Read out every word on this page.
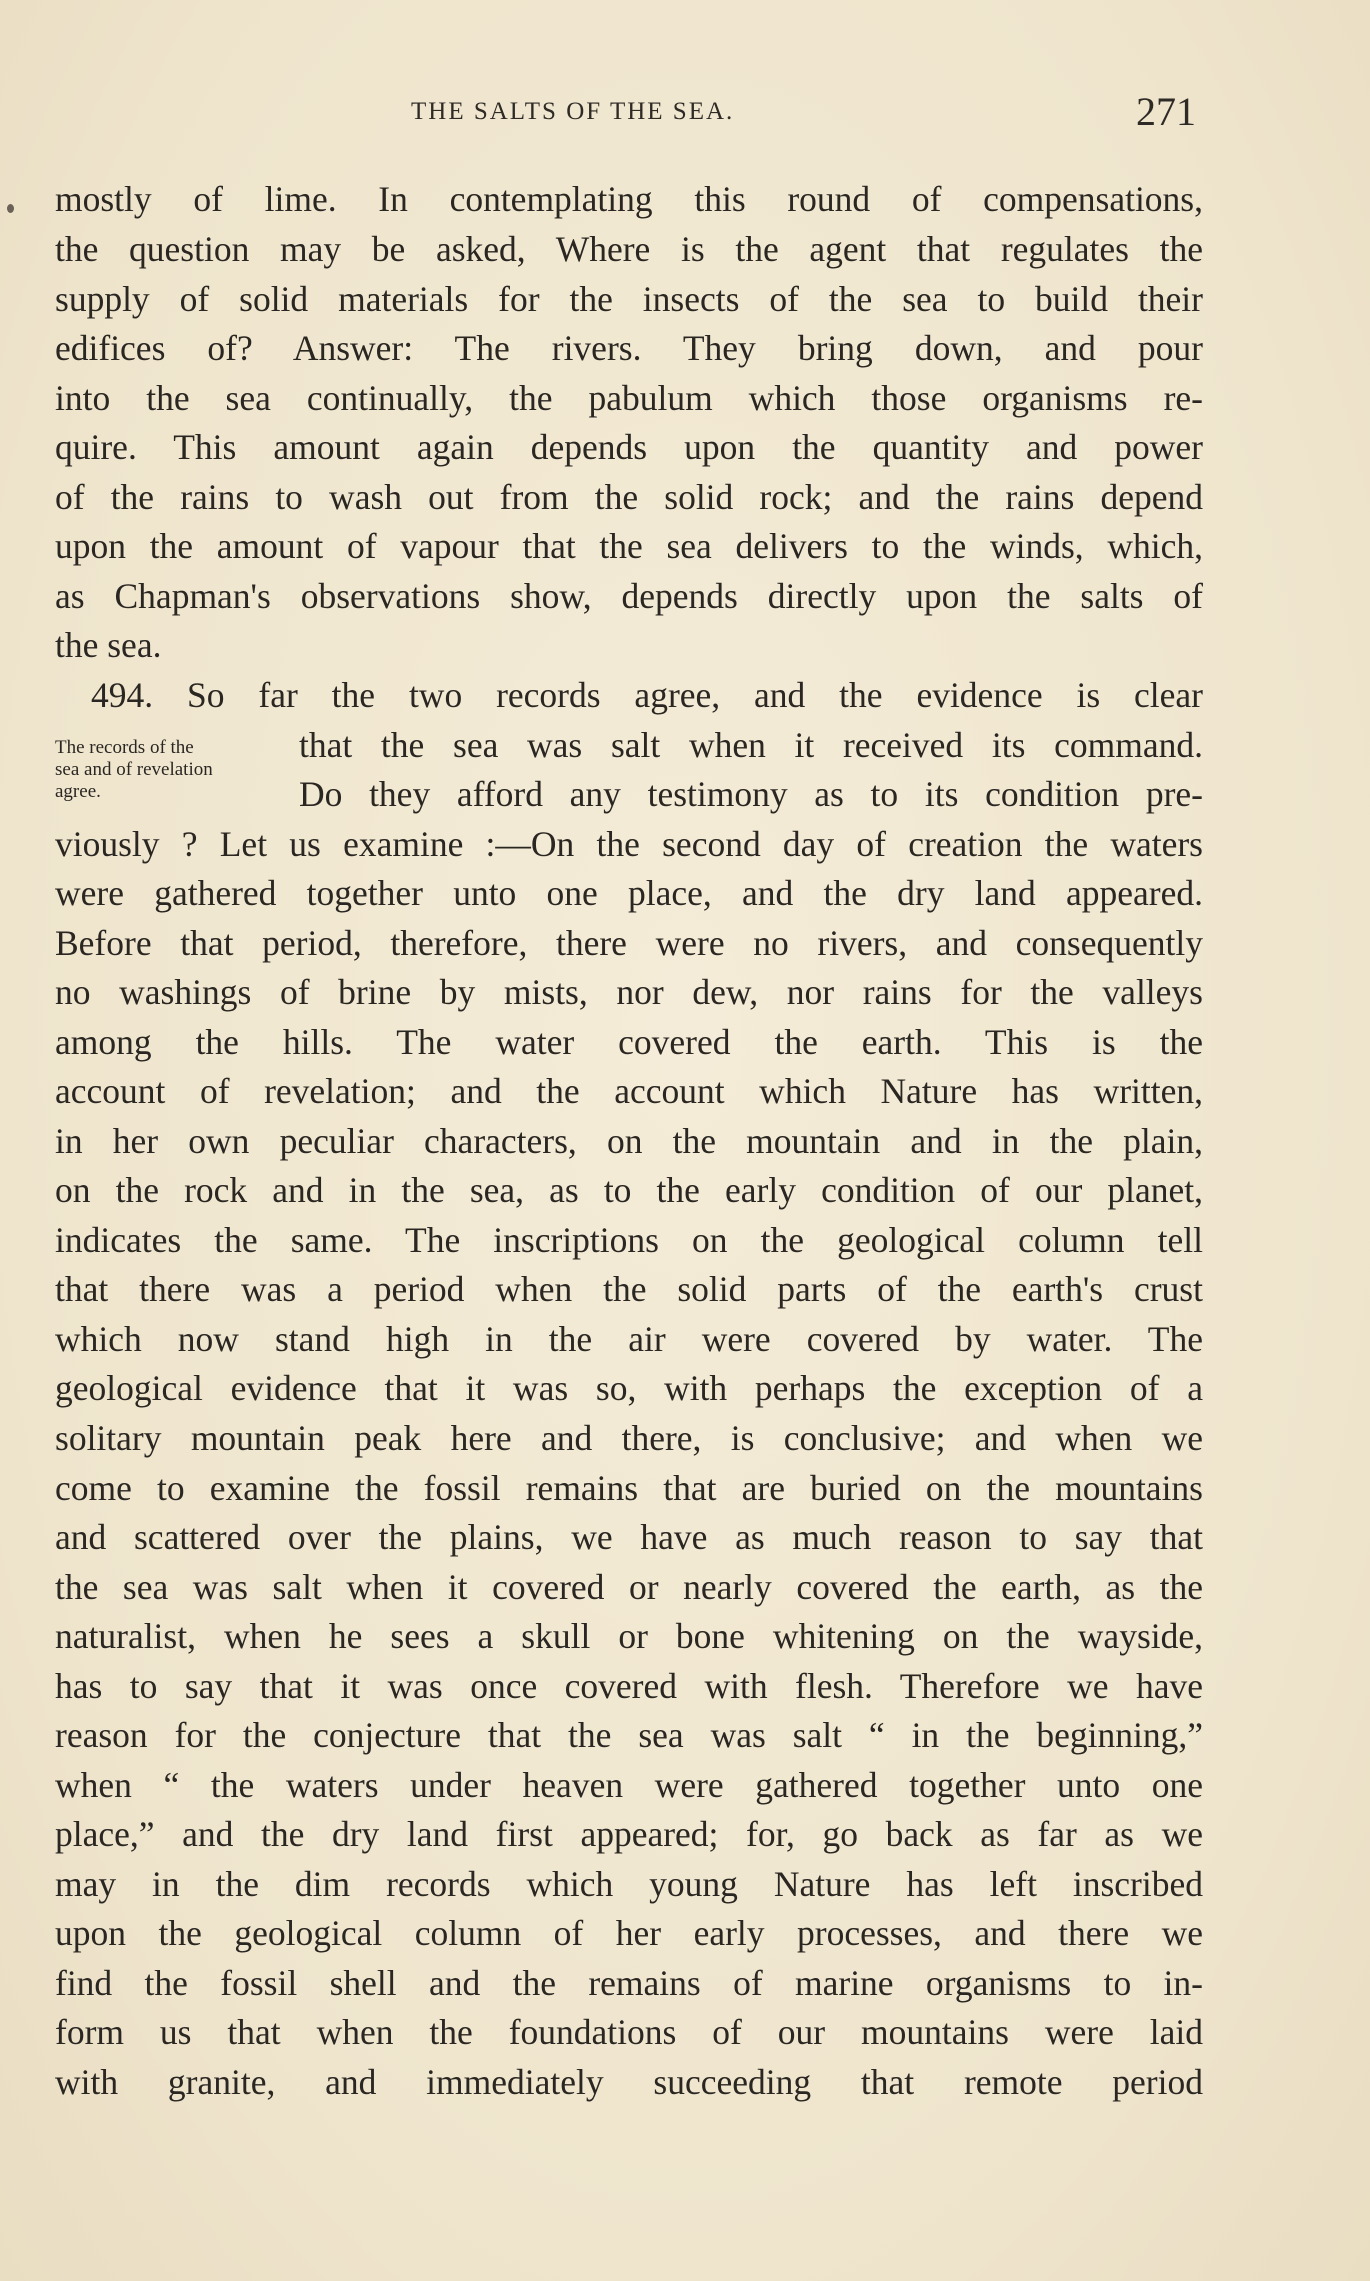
THE SALTS OF THE SEA.	271
The records of the
sea and of revelation
agree.
mostly of lime. In contemplating this round of compensations,
the question may be asked, Where is the agent that regulates the
supply of solid materials for the insects of the sea to build their
edifices of? Answer: The rivers. They bring down, and pour
into the sea continually, the pabulum which those organisms re-
quire. This amount again depends upon the quantity and power
of the rains to wash out from the solid rock; and the rains depend
upon the amount of vapour that the sea delivers to the winds, which,
as Chapman's observations show, depends directly upon the salts of
the sea.
494. So far the two records agree, and the evidence is clear
that the sea was salt when it received its command.
Do they afford any testimony as to its condition pre-
viously ? Let us examine :—On the second day of creation the waters
were gathered together unto one place, and the dry land appeared.
Before that period, therefore, there were no rivers, and consequently
no washings of brine by mists, nor dew, nor rains for the valleys
among the hills. The water covered the earth. This is the
account of revelation; and the account which Nature has written,
in her own peculiar characters, on the mountain and in the plain,
on the rock and in the sea, as to the early condition of our planet,
indicates the same. The inscriptions on the geological column tell
that there was a period when the solid parts of the earth's crust
which now stand high in the air were covered by water. The
geological evidence that it was so, with perhaps the exception of a
solitary mountain peak here and there, is conclusive; and when we
come to examine the fossil remains that are buried on the mountains
and scattered over the plains, we have as much reason to say that
the sea was salt when it covered or nearly covered the earth, as the
naturalist, when he sees a skull or bone whitening on the wayside,
has to say that it was once covered with flesh. Therefore we have
reason for the conjecture that the sea was salt “ in the beginning,”
when “ the waters under heaven were gathered together unto one
place,” and the dry land first appeared; for, go back as far as we
may in the dim records which young Nature has left inscribed
upon the geological column of her early processes, and there we
find the fossil shell and the remains of marine organisms to in-
form us that when the foundations of our mountains were laid
with granite, and immediately succeeding that remote period
